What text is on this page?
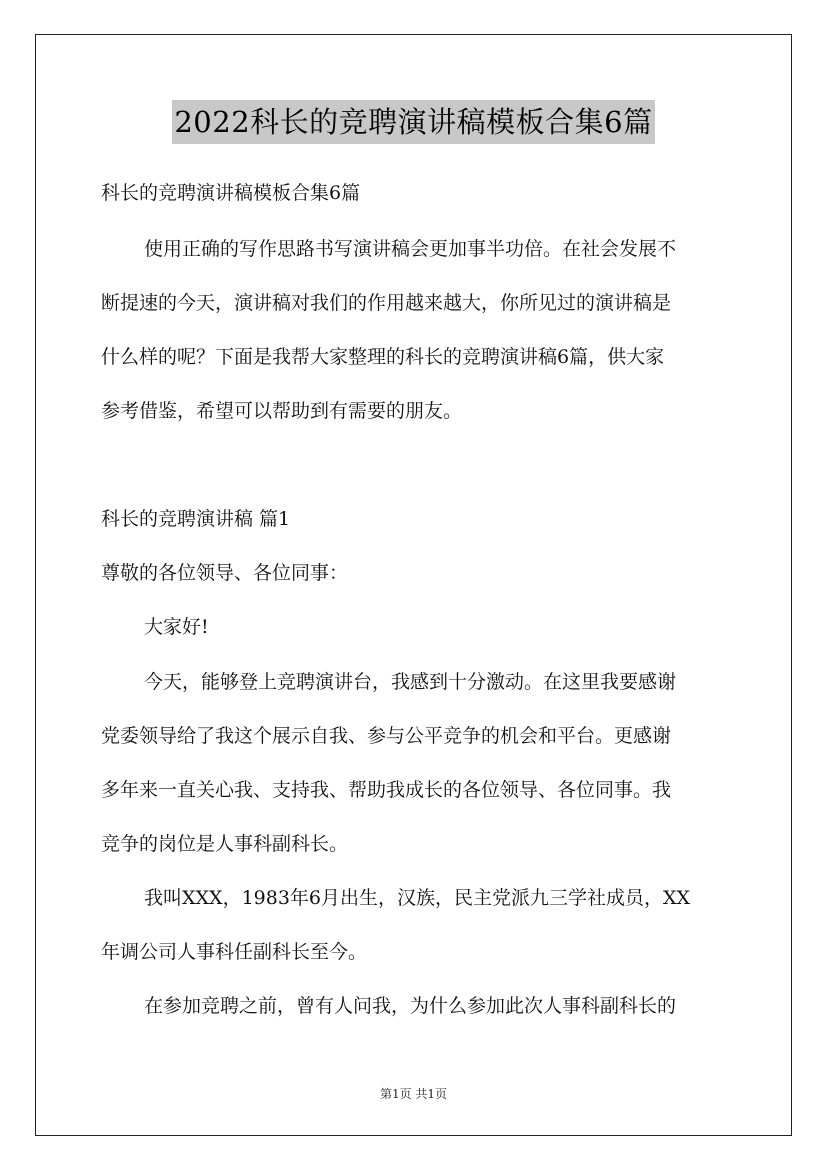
2022科长的竞聘演讲稿模板合集6篇
科长的竞聘演讲稿模板合集6篇
使用正确的写作思路书写演讲稿会更加事半功倍。在社会发展不
断提速的今天，演讲稿对我们的作用越来越大，你所见过的演讲稿是
什么样的呢？下面是我帮大家整理的科长的竞聘演讲稿6篇，供大家
参考借鉴，希望可以帮助到有需要的朋友。
科长的竞聘演讲稿 篇1
尊敬的各位领导、各位同事：
大家好!
今天，能够登上竞聘演讲台，我感到十分激动。在这里我要感谢
党委领导给了我这个展示自我、参与公平竞争的机会和平台。更感谢
多年来一直关心我、支持我、帮助我成长的各位领导、各位同事。我
竞争的岗位是人事科副科长。
我叫XXX，1983年6月出生，汉族，民主党派九三学社成员，XX
年调公司人事科任副科长至今。
在参加竞聘之前，曾有人问我，为什么参加此次人事科副科长的
第1页 共1页
